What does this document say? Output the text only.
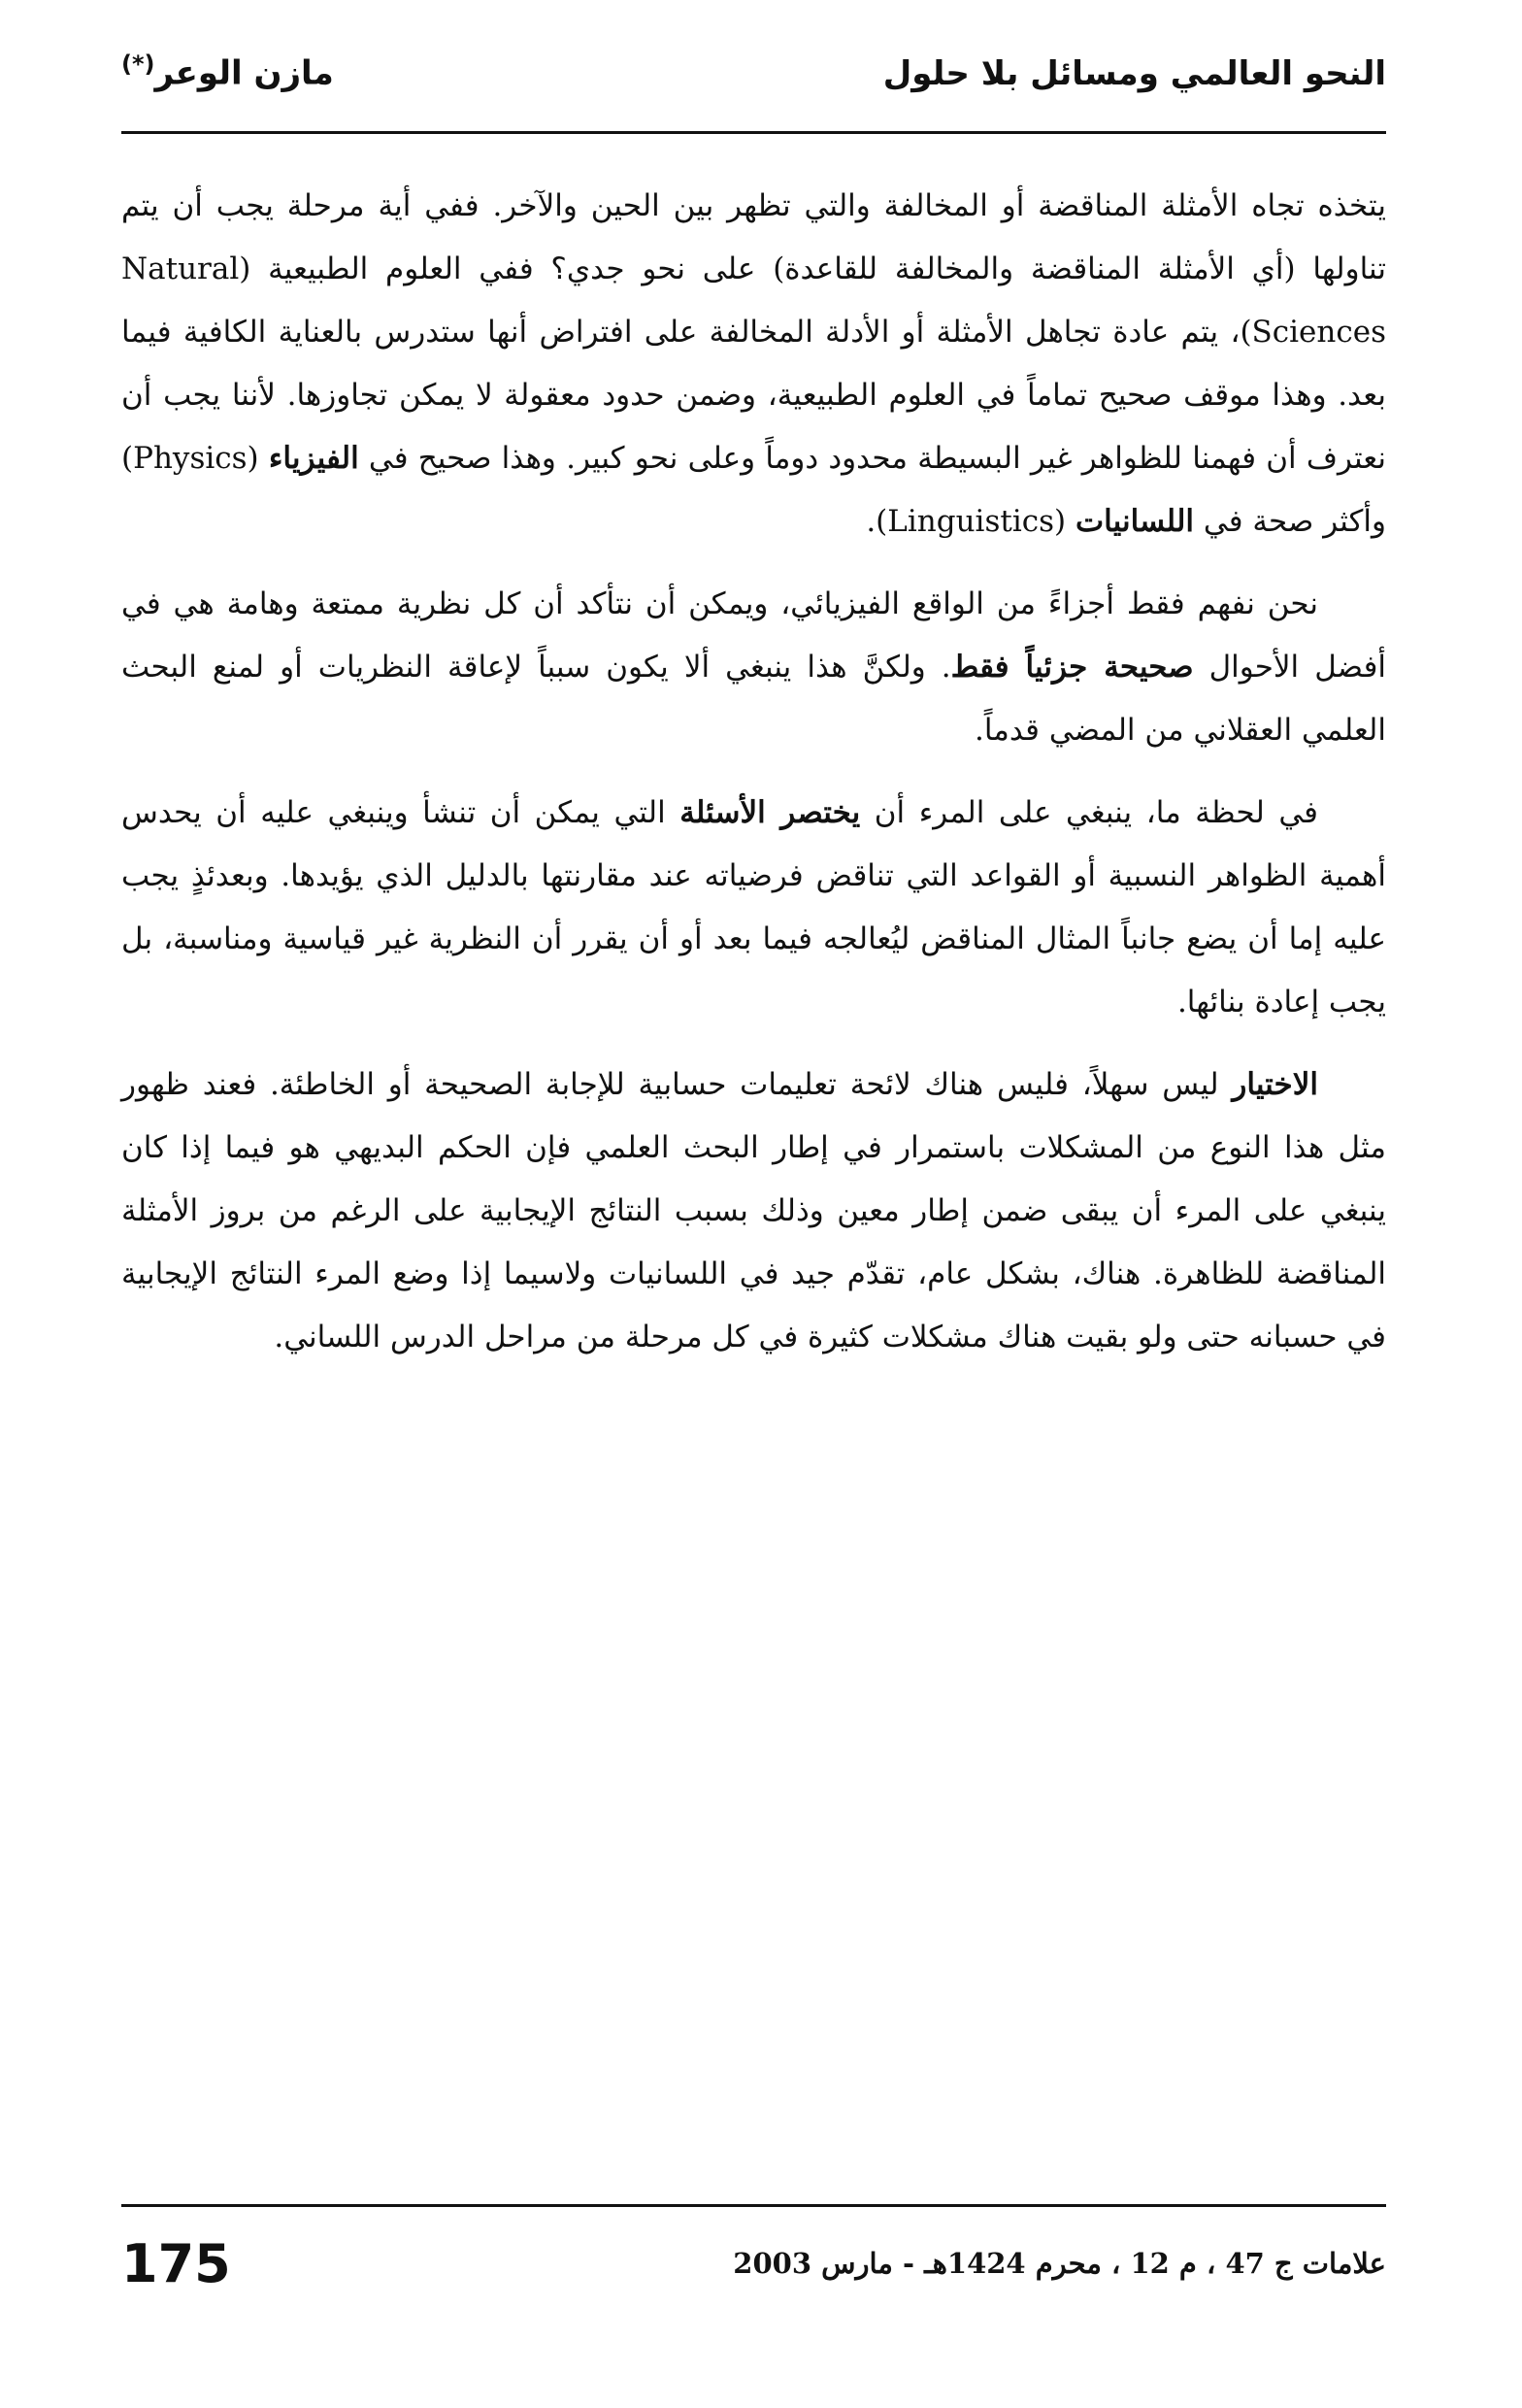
النحو العالمي ومسائل بلا حلول
مازن الوعر(*)

يتخذه تجاه الأمثلة المناقضة أو المخالفة والتي تظهر بين الحين والآخر. ففي أية مرحلة يجب أن يتم تناولها (أي الأمثلة المناقضة والمخالفة للقاعدة) على نحو جدي؟ ففي العلوم الطبيعية (Natural Sciences)، يتم عادة تجاهل الأمثلة أو الأدلة المخالفة على افتراض أنها ستدرس بالعناية الكافية فيما بعد. وهذا موقف صحيح تماماً في العلوم الطبيعية، وضمن حدود معقولة لا يمكن تجاوزها. لأننا يجب أن نعترف أن فهمنا للظواهر غير البسيطة محدود دوماً وعلى نحو كبير. وهذا صحيح في الفيزياء (Physics) وأكثر صحة في اللسانيات (Linguistics).

نحن نفهم فقط أجزاءً من الواقع الفيزيائي، ويمكن أن نتأكد أن كل نظرية ممتعة وهامة هي في أفضل الأحوال صحيحة جزئياً فقط. ولكنَّ هذا ينبغي ألا يكون سبباً لإعاقة النظريات أو لمنع البحث العلمي العقلاني من المضي قدماً.

في لحظة ما، ينبغي على المرء أن يختصر الأسئلة التي يمكن أن تنشأ وينبغي عليه أن يحدس أهمية الظواهر النسبية أو القواعد التي تناقض فرضياته عند مقارنتها بالدليل الذي يؤيدها. وبعدئذٍ يجب عليه إما أن يضع جانباً المثال المناقض ليُعالجه فيما بعد أو أن يقرر أن النظرية غير قياسية ومناسبة، بل يجب إعادة بنائها.

الاختيار ليس سهلاً، فليس هناك لائحة تعليمات حسابية للإجابة الصحيحة أو الخاطئة. فعند ظهور مثل هذا النوع من المشكلات باستمرار في إطار البحث العلمي فإن الحكم البديهي هو فيما إذا كان ينبغي على المرء أن يبقى ضمن إطار معين وذلك بسبب النتائج الإيجابية على الرغم من بروز الأمثلة المناقضة للظاهرة. هناك، بشكل عام، تقدّم جيد في اللسانيات ولاسيما إذا وضع المرء النتائج الإيجابية في حسبانه حتى ولو بقيت هناك مشكلات كثيرة في كل مرحلة من مراحل الدرس اللساني.

175	علامات ج 47 ، م 12 ، محرم 1424هـ - مارس 2003
